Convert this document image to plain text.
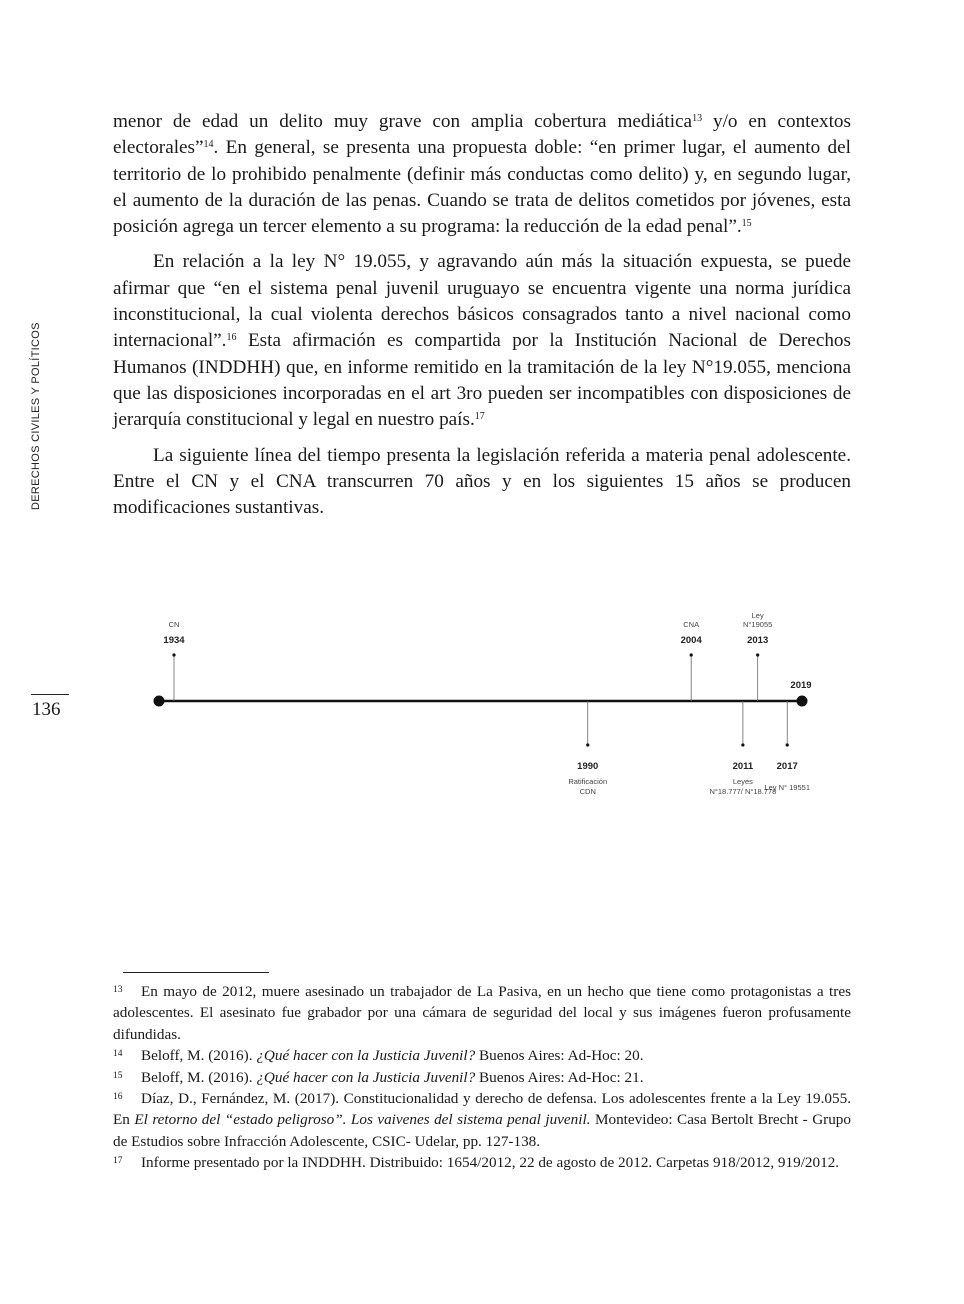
DERECHOS CIVILES Y POLÍTICOS
136

menor de edad un delito muy grave con amplia cobertura mediática$^{13}$ y/o en contextos electorales”$^{14}$. En general, se presenta una propuesta doble: “en primer lugar, el aumento del territorio de lo prohibido penalmente (definir más conductas como delito) y, en segundo lugar, el aumento de la duración de las penas. Cuando se trata de delitos cometidos por jóvenes, esta posición agrega un tercer elemento a su programa: la reducción de la edad penal”.$^{15}$

En relación a la ley N° 19.055, y agravando aún más la situación expuesta, se puede afirmar que “en el sistema penal juvenil uruguayo se encuentra vigente una norma jurídica inconstitucional, la cual violenta derechos básicos consagrados tanto a nivel nacional como internacional”.$^{16}$ Esta afirmación es compartida por la Institución Nacional de Derechos Humanos (INDDHH) que, en informe remitido en la tramitación de la ley N°19.055, menciona que las disposiciones incorporadas en el art 3ro pueden ser incompatibles con disposiciones de jerarquía constitucional y legal en nuestro país.$^{17}$

La siguiente línea del tiempo presenta la legislación referida a materia penal adolescente. Entre el CN y el CNA transcurren 70 años y en los siguientes 15 años se producen modificaciones sustantivas.

2019
1934
CN
1990
Ratificación CDN
2004
CNA
2011
Leyes N°18.777/ N°18.778
2013
Ley N°19055
2017
Ley N° 19551

13 En mayo de 2012, muere asesinado un trabajador de La Pasiva, en un hecho que tiene como protagonistas a tres adolescentes. El asesinato fue grabador por una cámara de seguridad del local y sus imágenes fueron profusamente difundidas.

14 Beloff, M. (2016). ¿Qué hacer con la Justicia Juvenil? Buenos Aires: Ad-Hoc: 20.

15 Beloff, M. (2016). ¿Qué hacer con la Justicia Juvenil? Buenos Aires: Ad-Hoc: 21.

16 Díaz, D., Fernández, M. (2017). Constitucionalidad y derecho de defensa. Los adolescentes frente a la Ley 19.055. En El retorno del “estado peligroso”. Los vaivenes del sistema penal juvenil. Montevideo: Casa Bertolt Brecht - Grupo de Estudios sobre Infracción Adolescente, CSIC- Udelar, pp. 127-138.

17 Informe presentado por la INDDHH. Distribuido: 1654/2012, 22 de agosto de 2012. Carpetas 918/2012, 919/2012.
